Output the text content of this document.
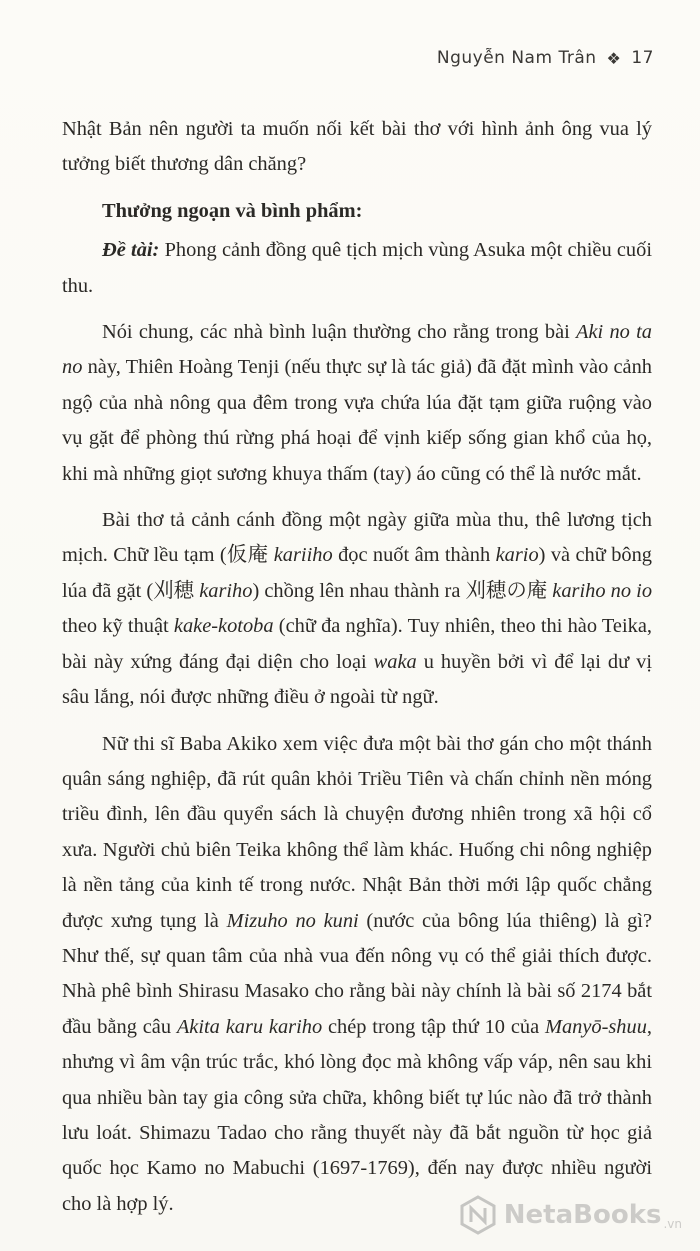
Nguyễn Nam Trân ❖ 17

Nhật Bản nên người ta muốn nối kết bài thơ với hình ảnh ông vua lý tưởng biết thương dân chăng?

Thưởng ngoạn và bình phẩm:

Đề tài: Phong cảnh đồng quê tịch mịch vùng Asuka một chiều cuối thu.

Nói chung, các nhà bình luận thường cho rằng trong bài Aki no ta no này, Thiên Hoàng Tenji (nếu thực sự là tác giả) đã đặt mình vào cảnh ngộ của nhà nông qua đêm trong vựa chứa lúa đặt tạm giữa ruộng vào vụ gặt để phòng thú rừng phá hoại để vịnh kiếp sống gian khổ của họ, khi mà những giọt sương khuya thấm (tay) áo cũng có thể là nước mắt.

Bài thơ tả cảnh cánh đồng một ngày giữa mùa thu, thê lương tịch mịch. Chữ lều tạm (仮庵 kariiho đọc nuốt âm thành kario) và chữ bông lúa đã gặt (刈穂 kariho) chồng lên nhau thành ra 刈穂の庵 kariho no io theo kỹ thuật kake-kotoba (chữ đa nghĩa). Tuy nhiên, theo thi hào Teika, bài này xứng đáng đại diện cho loại waka u huyền bởi vì để lại dư vị sâu lắng, nói được những điều ở ngoài từ ngữ.

Nữ thi sĩ Baba Akiko xem việc đưa một bài thơ gán cho một thánh quân sáng nghiệp, đã rút quân khỏi Triều Tiên và chấn chỉnh nền móng triều đình, lên đầu quyển sách là chuyện đương nhiên trong xã hội cổ xưa. Người chủ biên Teika không thể làm khác. Huống chi nông nghiệp là nền tảng của kinh tế trong nước. Nhật Bản thời mới lập quốc chẳng được xưng tụng là Mizuho no kuni (nước của bông lúa thiêng) là gì? Như thế, sự quan tâm của nhà vua đến nông vụ có thể giải thích được. Nhà phê bình Shirasu Masako cho rằng bài này chính là bài số 2174 bắt đầu bằng câu Akita karu kariho chép trong tập thứ 10 của Manyō-shuu, nhưng vì âm vận trúc trắc, khó lòng đọc mà không vấp váp, nên sau khi qua nhiều bàn tay gia công sửa chữa, không biết tự lúc nào đã trở thành lưu loát. Shimazu Tadao cho rằng thuyết này đã bắt nguồn từ học giả quốc học Kamo no Mabuchi (1697-1769), đến nay được nhiều người cho là hợp lý.	NetaBooks .vn
